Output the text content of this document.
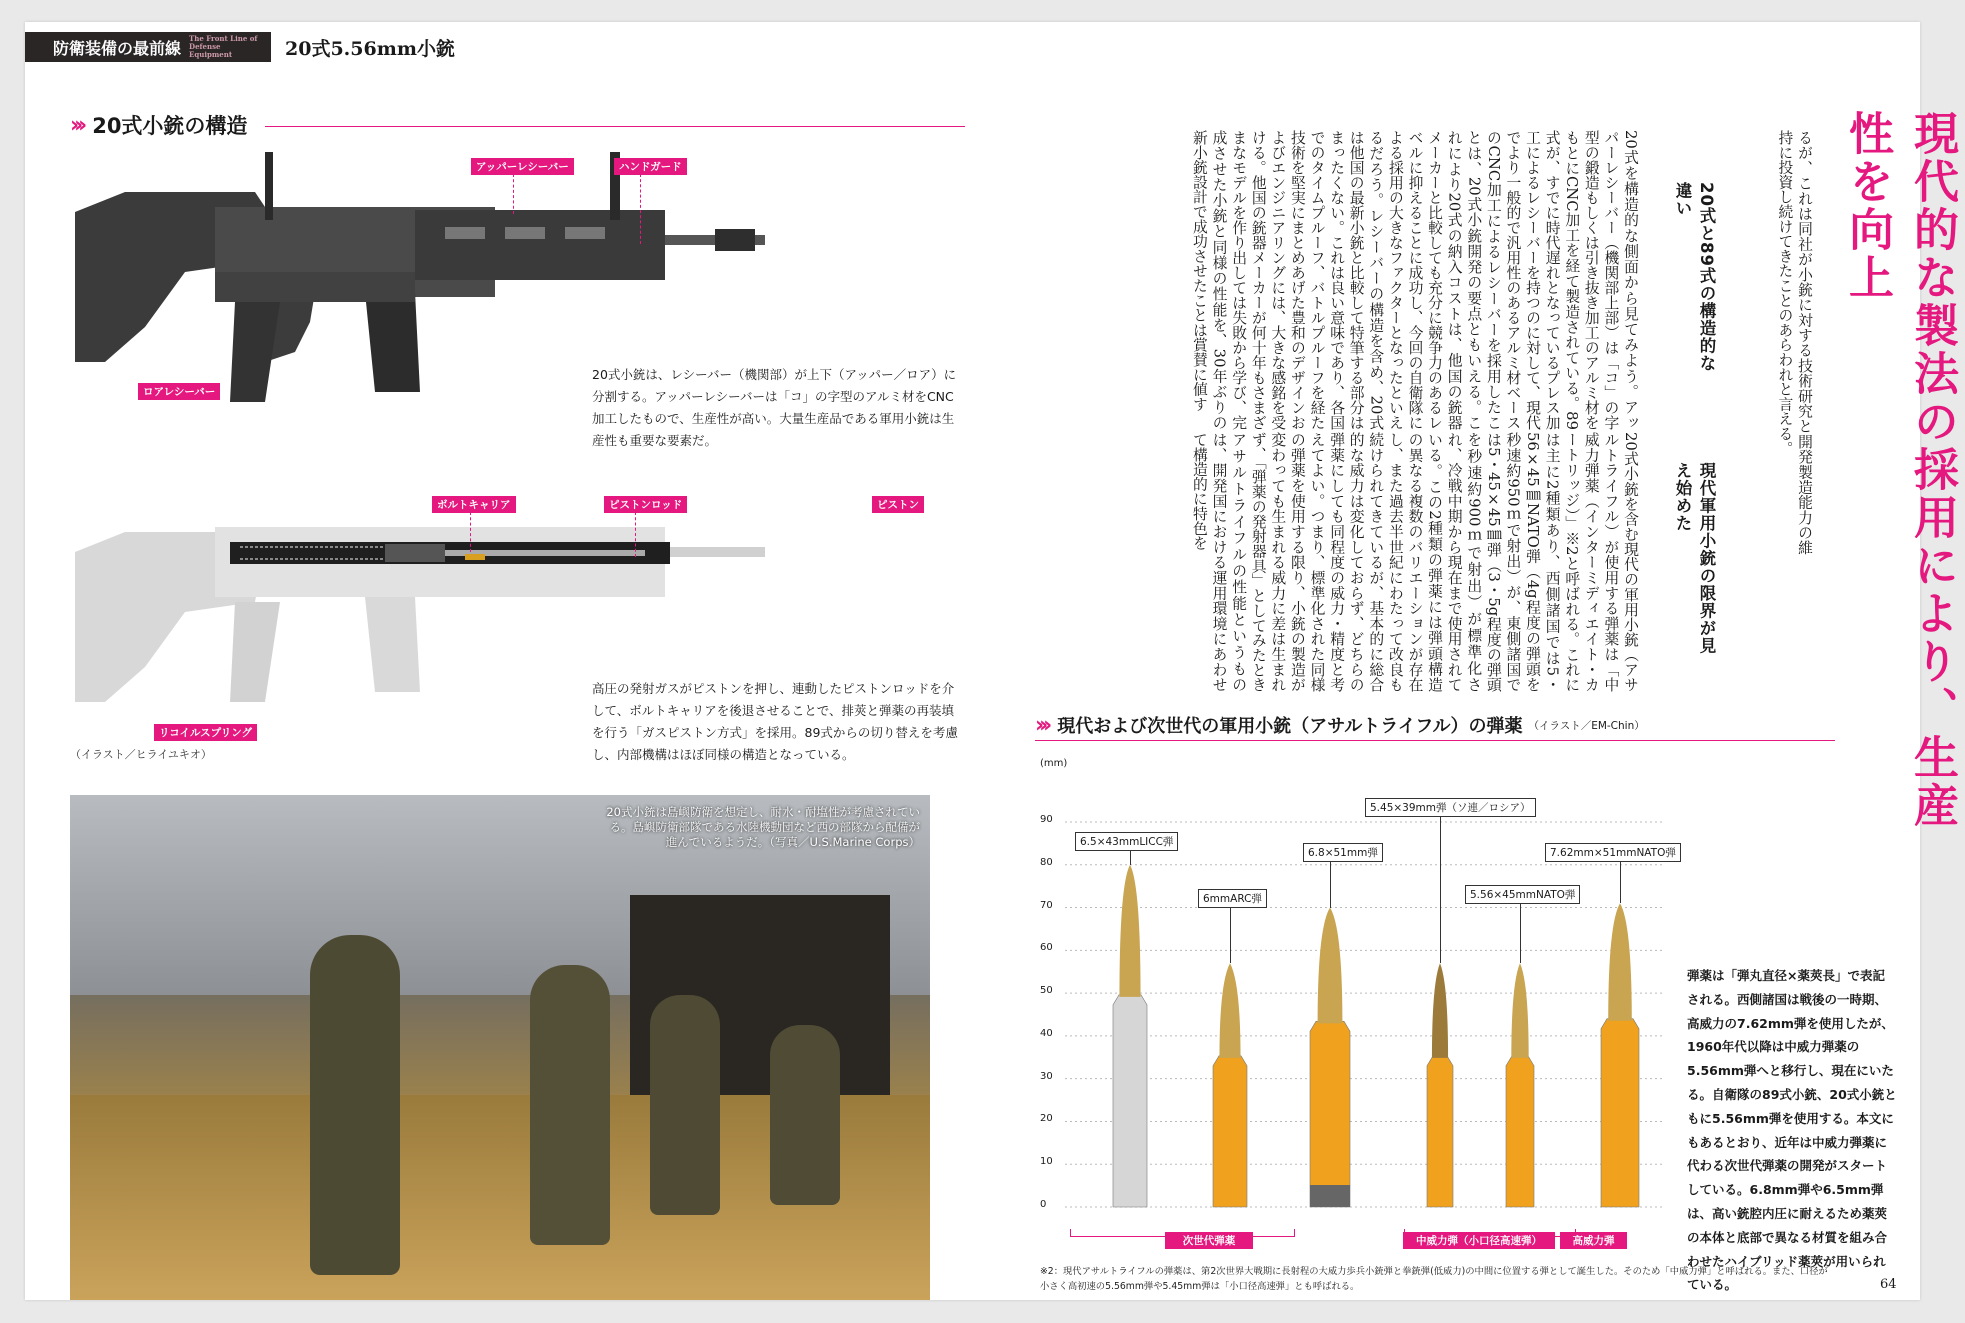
防衛装備の最前線 The Front Line of Defense Equipment	20式5.56mm小銃
››› 20式小銃の構造
アッパーレシーバー	ハンドガード
ロアレシーバー
20式小銃は、レシーバー（機関部）が上下（アッパー／ロア）に分割する。アッパーレシーバーは「コ」の字型のアルミ材をCNC加工したもので、生産性が高い。大量生産品である軍用小銃は生産性も重要な要素だ。
ボルトキャリア	ピストンロッド	ピストン
リコイルスプリング
高圧の発射ガスがピストンを押し、連動したピストンロッドを介して、ボルトキャリアを後退させることで、排莢と弾薬の再装填を行う「ガスピストン方式」を採用。89式からの切り替えを考慮し、内部機構はほぼ同様の構造となっている。
（イラスト／ヒライユキオ）
20式小銃は島嶼防衛を想定し、耐水・耐塩性が考慮されている。島嶼防衛部隊である水陸機動団など西の部隊から配備が進んでいるようだ。（写真／U.S.Marine Corps）
現代的な製法の採用により、生産性を向上
るが、これは同社が小銃に対する技術研究と開発製造能力の維持に投資し続けてきたことのあらわれと言える。
20式と89式の構造的な違い
20式を構造的な側面から見てみよう。アッパーレシーバー（機関部上部）は「コ」の字型の鍛造もしくは引き抜き加工のアルミ材をもとにCNC加工を経て製造されている。89式が、すでに時代遅れとなっているプレス加工によるレシーバーを持つのに対して、現代でより一般的で汎用性のあるアルミ材ベースのCNC加工によるレシーバーを採用したことは、20式小銃開発の要点ともいえる。これにより20式の納入コストは、他国の銃器メーカーと比較しても充分に競争力のあるレベルに抑えることに成功し、今回の自衛隊による採用の大きなファクターとなったといえるだろう。レシーバーの構造を含め、20式は他国の最新小銃と比較して特筆する部分はまったくない。これは良い意味であり、各国でのタイムプルーフ、バトルプルーフを経た技術を堅実にまとめあげた豊和のデザインおよびエンジニアリングには、大きな感銘を受ける。他国の銃器メーカーが何十年もさまざまなモデルを作り出しては失敗から学び、完成させた小銃と同様の性能を、30年ぶりの新小銃設計で成功させたことは賞賛に値す
現代軍用小銃の限界が見え始めた
20式小銃を含む現代の軍用小銃（アサルトライフル）が使用する弾薬は「中威力弾薬（インターミディエイト・カートリッジ）」※2と呼ばれる。これには主に2種類あり、西側諸国では5・56×45㎜NATO弾（4g程度の弾頭を秒速約950ｍで射出）が、東側諸国では5・45×45㎜弾（3・5g程度の弾頭を秒速約900ｍで射出）が標準化され、冷戦中期から現在まで使用されている。この2種類の弾薬には弾頭構造の異なる複数のバリエーションが存在し、また過去半世紀にわたって改良も続けられてきているが、基本的に総合的な威力は変化しておらず、どちらの弾薬にしても同程度の威力・精度と考えてよい。つまり、標準化された同様の弾薬を使用する限り、小銃の製造が変わっても生まれる威力に差は生まれず、「弾薬の発射器具」としてみたときアサルトライフルの性能というものは、開発国における運用環境にあわせて構造的に特色を
››› 現代および次世代の軍用小銃（アサルトライフル）の弾薬 （イラスト／EM-Chin）
(mm)
次世代弾薬	中威力弾（小口径高速弾）	高威力弾
弾薬は「弾丸直径×薬莢長」で表記される。西側諸国は戦後の一時期、高威力の7.62mm弾を使用したが、1960年代以降は中威力弾薬の5.56mm弾へと移行し、現在にいたる。自衛隊の89式小銃、20式小銃ともに5.56mm弾を使用する。本文にもあるとおり、近年は中威力弾薬に代わる次世代弾薬の開発がスタートしている。6.8mm弾や6.5mm弾は、高い銃腔内圧に耐えるため薬莢の本体と底部で異なる材質を組み合わせたハイブリッド薬莢が用いられている。
※2：現代アサルトライフルの弾薬は、第2次世界大戦期に長射程の大威力歩兵小銃弾と拳銃弾(低威力)の中間に位置する弾として誕生した。そのため「中威力弾」と呼ばれる。また、口径が小さく高初速の5.56mm弾や5.45mm弾は「小口径高速弾」とも呼ばれる。	64
90
80
70
60
50
40
30
20
10
0
6.5×43mmLICC弾
6mmARC弾
6.8×51mm弾
5.45×39mm弾（ソ連／ロシア）
5.56×45mmNATO弾
7.62mm×51mmNATO弾
